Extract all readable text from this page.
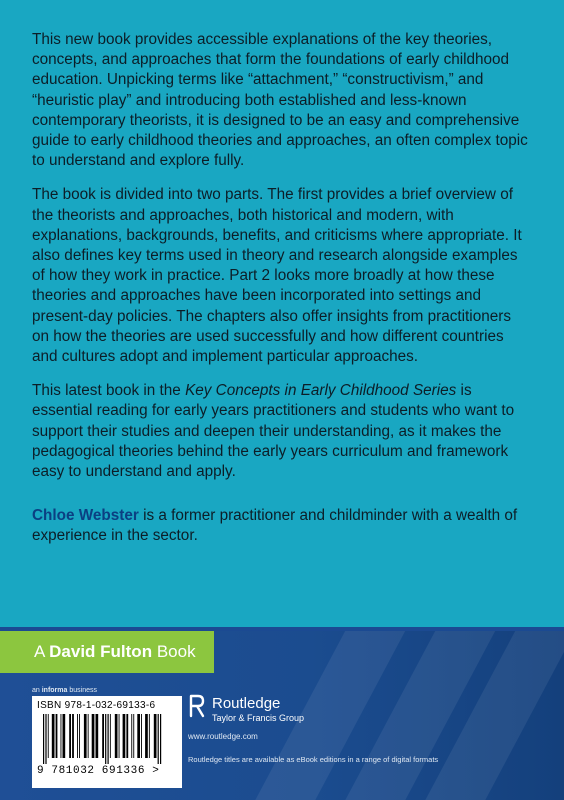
This new book provides accessible explanations of the key theories, concepts, and approaches that form the foundations of early childhood education. Unpicking terms like “attachment,” “constructivism,” and “heuristic play” and introducing both established and less-known contemporary theorists, it is designed to be an easy and comprehensive guide to early childhood theories and approaches, an often complex topic to understand and explore fully.

The book is divided into two parts. The first provides a brief overview of the theorists and approaches, both historical and modern, with explanations, backgrounds, benefits, and criticisms where appropriate. It also defines key terms used in theory and research alongside examples of how they work in practice. Part 2 looks more broadly at how these theories and approaches have been incorporated into settings and present-day policies. The chapters also offer insights from practitioners on how the theories are used successfully and how different countries and cultures adopt and implement particular approaches.

This latest book in the Key Concepts in Early Childhood Series is essential reading for early years practitioners and students who want to support their studies and deepen their understanding, as it makes the pedagogical theories behind the early years curriculum and framework easy to understand and apply.

Chloe Webster is a former practitioner and childminder with a wealth of experience in the sector.

A David Fulton Book
an informa business
ISBN 978-1-032-69133-6
9 781032 691336 >
Routledge
Taylor & Francis Group
www.routledge.com
Routledge titles are available as eBook editions in a range of digital formats
